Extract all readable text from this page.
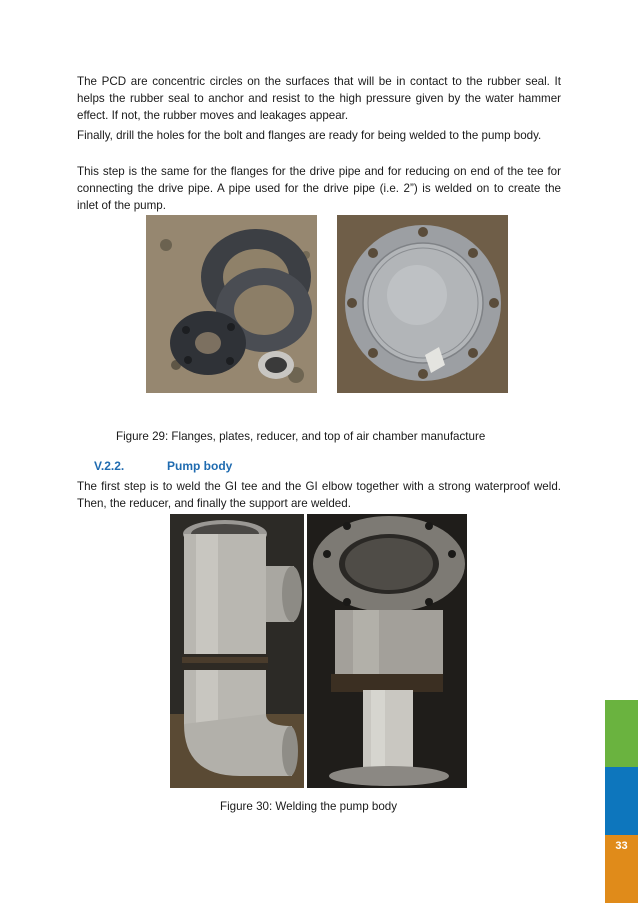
The PCD are concentric circles on the surfaces that will be in contact to the rubber seal. It helps the rubber seal to anchor and resist to the high pressure given by the water hammer effect. If not, the rubber moves and leakages appear.

Finally, drill the holes for the bolt and flanges are ready for being welded to the pump body.

This step is the same for the flanges for the drive pipe and for reducing on end of the tee for connecting the drive pipe. A pipe used for the drive pipe (i.e. 2”) is welded on to create the inlet of the pump.

Figure 29: Flanges, plates, reducer, and top of air chamber manufacture

V.2.2.	Pump body

The first step is to weld the GI tee and the GI elbow together with a strong waterproof weld. Then, the reducer, and finally the support are welded.

Figure 30: Welding the pump body

33
